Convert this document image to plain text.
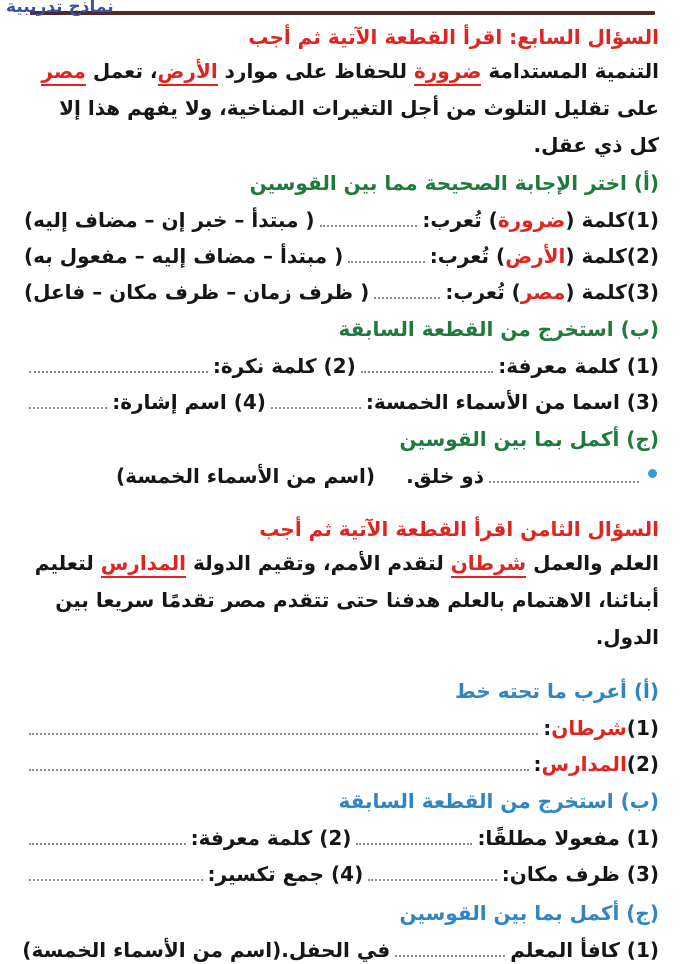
نماذج تدريبية
السؤال السابع: اقرأ القطعة الآتية ثم أجب
التنمية المستدامة ضرورة للحفاظ على موارد الأرض، تعمل مصر على تقليل التلوث من أجل التغيرات المناخية، ولا يفهم هذا إلا كل ذي عقل.
(أ) اختر الإجابة الصحيحة مما بين القوسين
(1)
كلمة (
ضرورة
) تُعرب:
( مبتدأ – خبر إن – مضاف إليه)
(2)
كلمة (
الأرض
) تُعرب:
( مبتدأ – مضاف إليه – مفعول به)
(3)
كلمة (
مصر
) تُعرب:
( ظرف زمان – ظرف مكان – فاعل)
(ب) استخرج من القطعة السابقة
(1) كلمة معرفة:
(2) كلمة نكرة:
(3) اسما من الأسماء الخمسة:
(4) اسم إشارة:
(ج) أكمل بما بين القوسين
ذو خلق.
(اسم من الأسماء الخمسة)
السؤال الثامن اقرأ القطعة الآتية ثم أجب
العلم والعمل شرطان لتقدم الأمم، وتقيم الدولة المدارس لتعليم أبنائنا، الاهتمام بالعلم هدفنا حتى تتقدم مصر تقدمًا سريعا بين الدول.
(أ) أعرب ما تحته خط
(1)
شرطان
:
(2)
المدارس
:
(ب) استخرج من القطعة السابقة
(1) مفعولا مطلقًا:
(2) كلمة معرفة:
(3) ظرف مكان:
(4) جمع تكسير:
(ج) أكمل بما بين القوسين
(1) كافأ المعلم
في الحفل.
(اسم من الأسماء الخمسة)
